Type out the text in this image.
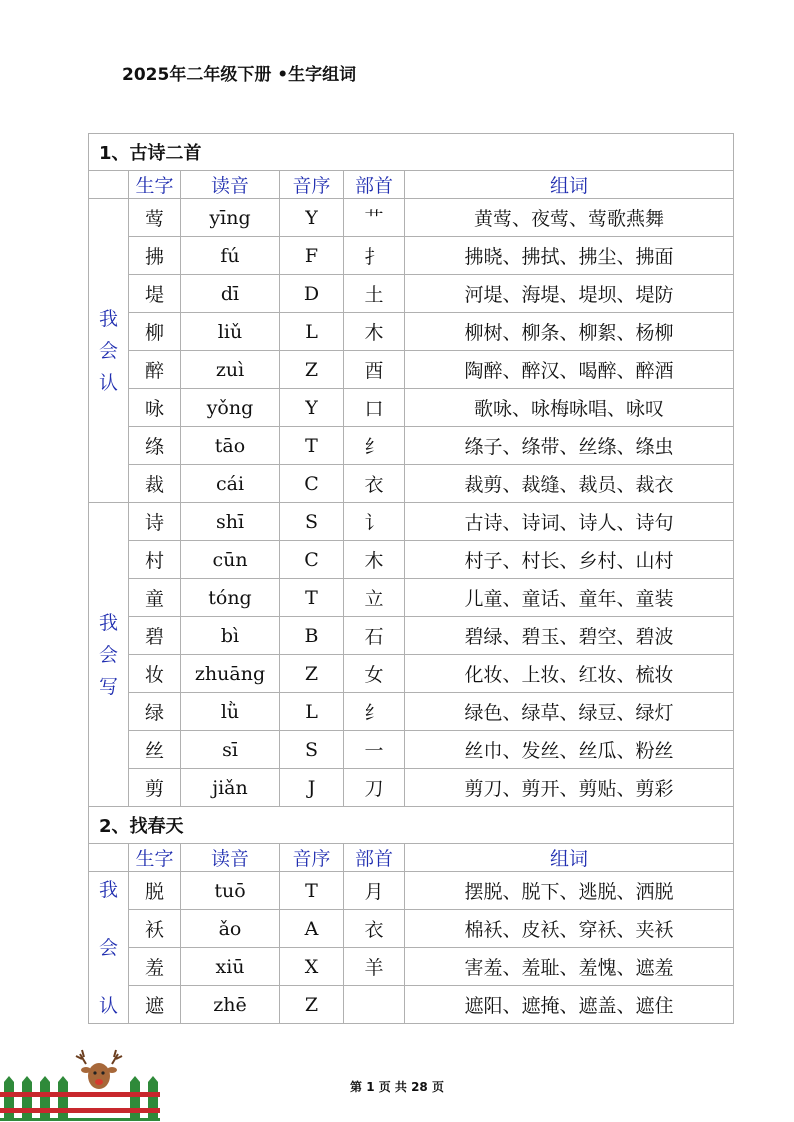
2025年二年级下册 •生字组词
1、古诗二首					
	生字	读音	音序	部首	组词

我
会
认	莺	yīng	Y	艹	黄莺、夜莺、莺歌燕舞
	拂	fú	F	扌	拂晓、拂拭、拂尘、拂面
	堤	dī	D	土	河堤、海堤、堤坝、堤防
	柳	liǔ	L	木	柳树、柳条、柳絮、杨柳
	醉	zuì	Z	酉	陶醉、醉汉、喝醉、醉酒
	咏	yǒng	Y	口	歌咏、咏梅咏唱、咏叹
	绦	tāo	T	纟	绦子、绦带、丝绦、绦虫
	裁	cái	C	衣	裁剪、裁缝、裁员、裁衣

我
会
写	诗	shī	S	讠	古诗、诗词、诗人、诗句
	村	cūn	C	木	村子、村长、乡村、山村
	童	tóng	T	立	儿童、童话、童年、童装
	碧	bì	B	石	碧绿、碧玉、碧空、碧波
	妆	zhuāng	Z	女	化妆、上妆、红妆、梳妆
	绿	lǜ	L	纟	绿色、绿草、绿豆、绿灯
	丝	sī	S	一	丝巾、发丝、丝瓜、粉丝
	剪	jiǎn	J	刀	剪刀、剪开、剪贴、剪彩
2、找春天					
	生字	读音	音序	部首	组词

我
会
认	脱	tuō	T	月	摆脱、脱下、逃脱、洒脱
	袄	ǎo	A	衣	棉袄、皮袄、穿袄、夹袄
	羞	xiū	X	羊	害羞、羞耻、羞愧、遮羞
	遮	zhē	Z		遮阳、遮掩、遮盖、遮住
第 1 页 共 28 页
